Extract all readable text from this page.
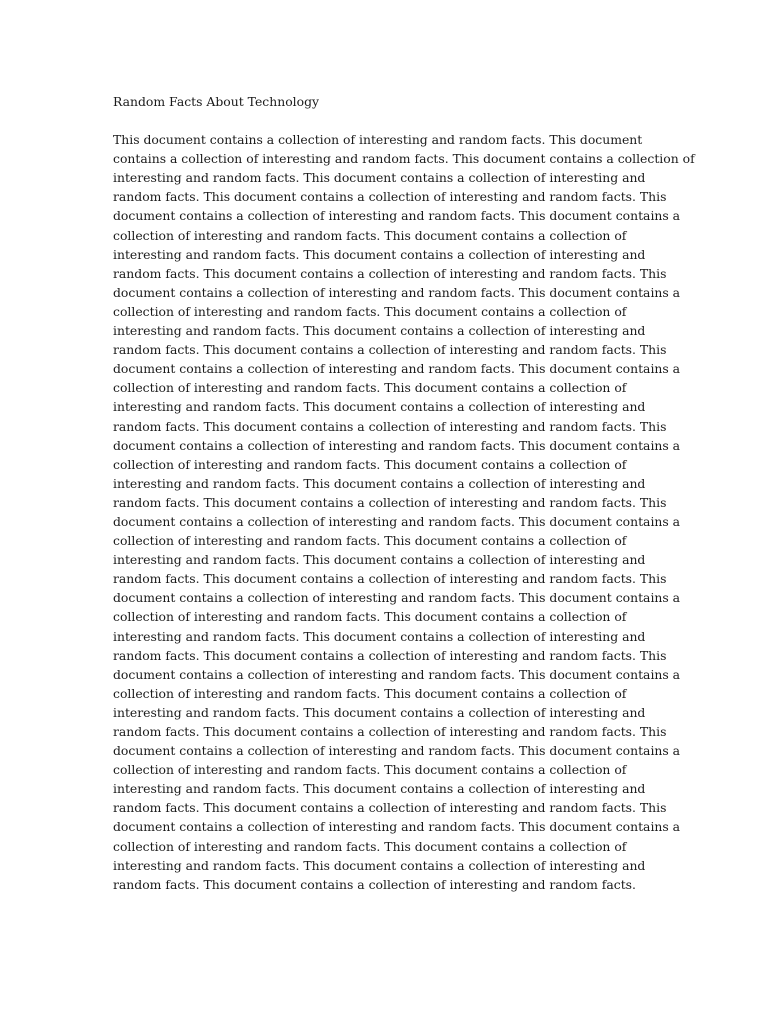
Random Facts About Technology

This document contains a collection of interesting and random facts. This document
contains a collection of interesting and random facts. This document contains a collection of
interesting and random facts. This document contains a collection of interesting and
random facts. This document contains a collection of interesting and random facts. This
document contains a collection of interesting and random facts. This document contains a
collection of interesting and random facts. This document contains a collection of
interesting and random facts. This document contains a collection of interesting and
random facts. This document contains a collection of interesting and random facts. This
document contains a collection of interesting and random facts. This document contains a
collection of interesting and random facts. This document contains a collection of
interesting and random facts. This document contains a collection of interesting and
random facts. This document contains a collection of interesting and random facts. This
document contains a collection of interesting and random facts. This document contains a
collection of interesting and random facts. This document contains a collection of
interesting and random facts. This document contains a collection of interesting and
random facts. This document contains a collection of interesting and random facts. This
document contains a collection of interesting and random facts. This document contains a
collection of interesting and random facts. This document contains a collection of
interesting and random facts. This document contains a collection of interesting and
random facts. This document contains a collection of interesting and random facts. This
document contains a collection of interesting and random facts. This document contains a
collection of interesting and random facts. This document contains a collection of
interesting and random facts. This document contains a collection of interesting and
random facts. This document contains a collection of interesting and random facts. This
document contains a collection of interesting and random facts. This document contains a
collection of interesting and random facts. This document contains a collection of
interesting and random facts. This document contains a collection of interesting and
random facts. This document contains a collection of interesting and random facts. This
document contains a collection of interesting and random facts. This document contains a
collection of interesting and random facts. This document contains a collection of
interesting and random facts. This document contains a collection of interesting and
random facts. This document contains a collection of interesting and random facts. This
document contains a collection of interesting and random facts. This document contains a
collection of interesting and random facts. This document contains a collection of
interesting and random facts. This document contains a collection of interesting and
random facts. This document contains a collection of interesting and random facts. This
document contains a collection of interesting and random facts. This document contains a
collection of interesting and random facts. This document contains a collection of
interesting and random facts. This document contains a collection of interesting and
random facts. This document contains a collection of interesting and random facts.
